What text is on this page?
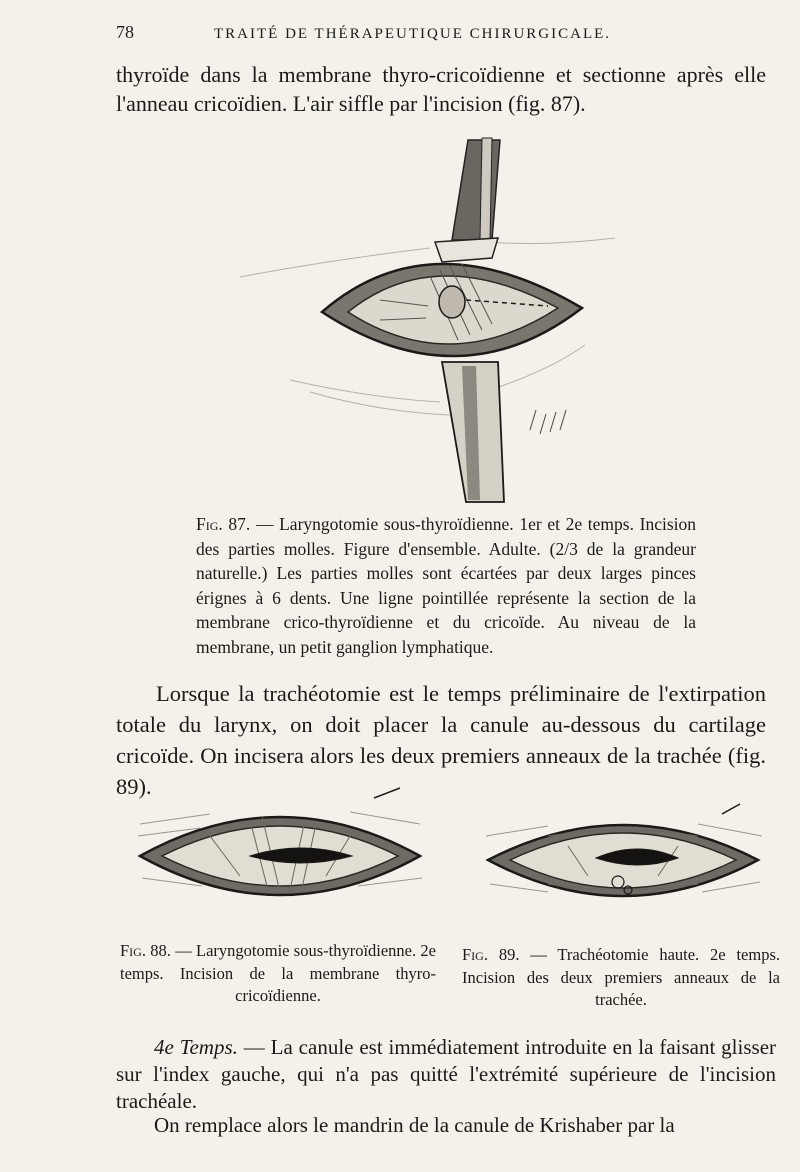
78	TRAITÉ DE THÉRAPEUTIQUE CHIRURGICALE.

thyroïde dans la membrane thyro-cricoïdienne et sectionne après elle l'anneau cricoïdien. L'air siffle par l'incision (fig. 87).

Fig. 87. — Laryngotomie sous-thyroïdienne. 1er et 2e temps. Incision des parties molles. Figure d'ensemble. Adulte. (2/3 de la grandeur naturelle.) Les parties molles sont écartées par deux larges pinces érignes à 6 dents. Une ligne pointillée représente la section de la membrane crico-thyroïdienne et du cricoïde. Au niveau de la membrane, un petit ganglion lymphatique.

Lorsque la trachéotomie est le temps préliminaire de l'extirpation totale du larynx, on doit placer la canule au-dessous du cartilage cricoïde. On incisera alors les deux premiers anneaux de la trachée (fig. 89).

Fig. 88. — Laryngotomie sous-thyroïdienne. 2e temps. Incision de la membrane thyro-cricoïdienne.

Fig. 89. — Trachéotomie haute. 2e temps. Incision des deux premiers anneaux de la trachée.

4e Temps. — La canule est immédiatement introduite en la faisant glisser sur l'index gauche, qui n'a pas quitté l'extrémité supérieure de l'incision trachéale.

On remplace alors le mandrin de la canule de Krishaber par la
